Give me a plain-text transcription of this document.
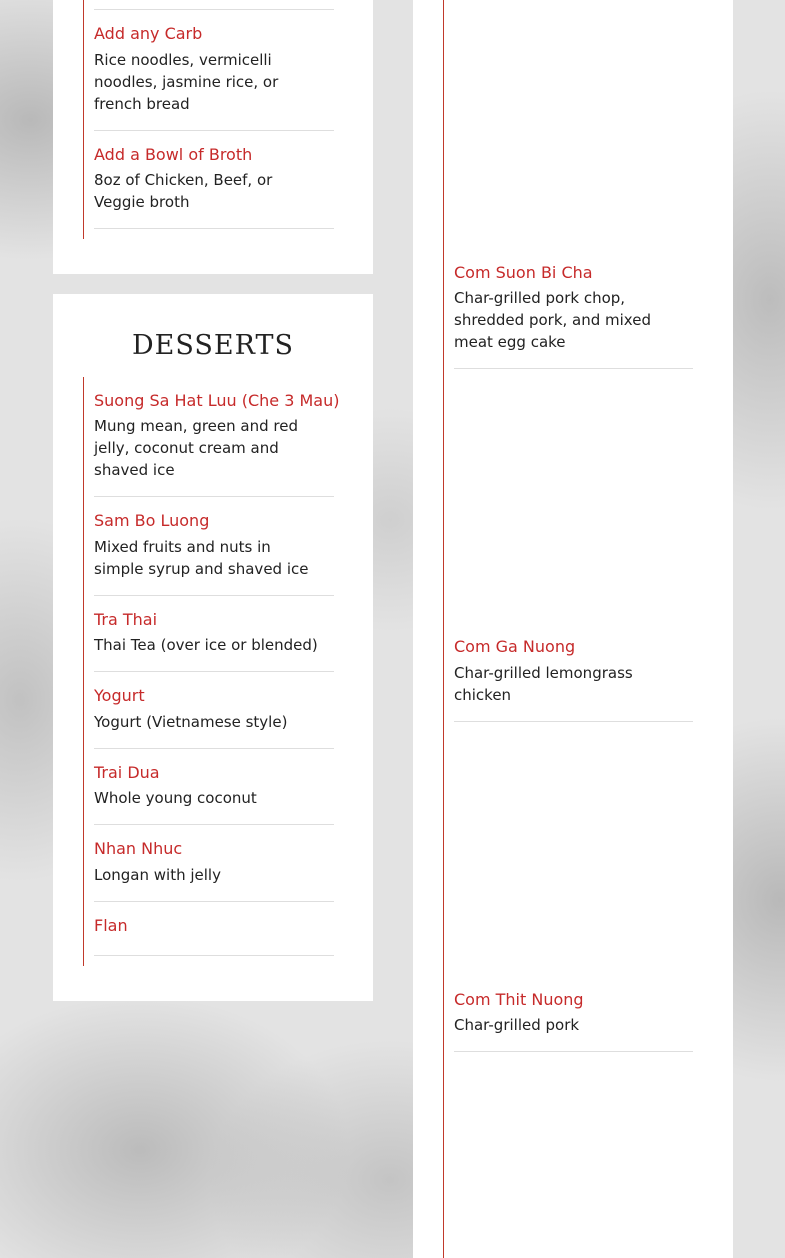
Add any Carb
Rice noodles, vermicelli noodles, jasmine rice, or french bread
Add a Bowl of Broth
8oz of Chicken, Beef, or Veggie broth
DESSERTS
Suong Sa Hat Luu (Che 3 Mau)
Mung mean, green and red jelly, coconut cream and shaved ice
Sam Bo Luong
Mixed fruits and nuts in simple syrup and shaved ice
Tra Thai
Thai Tea (over ice or blended)
Yogurt
Yogurt (Vietnamese style)
Trai Dua
Whole young coconut
Nhan Nhuc
Longan with jelly
Flan
Com Suon Bi Cha
Char-grilled pork chop, shredded pork, and mixed meat egg cake
Com Ga Nuong
Char-grilled lemongrass chicken
Com Thit Nuong
Char-grilled pork
